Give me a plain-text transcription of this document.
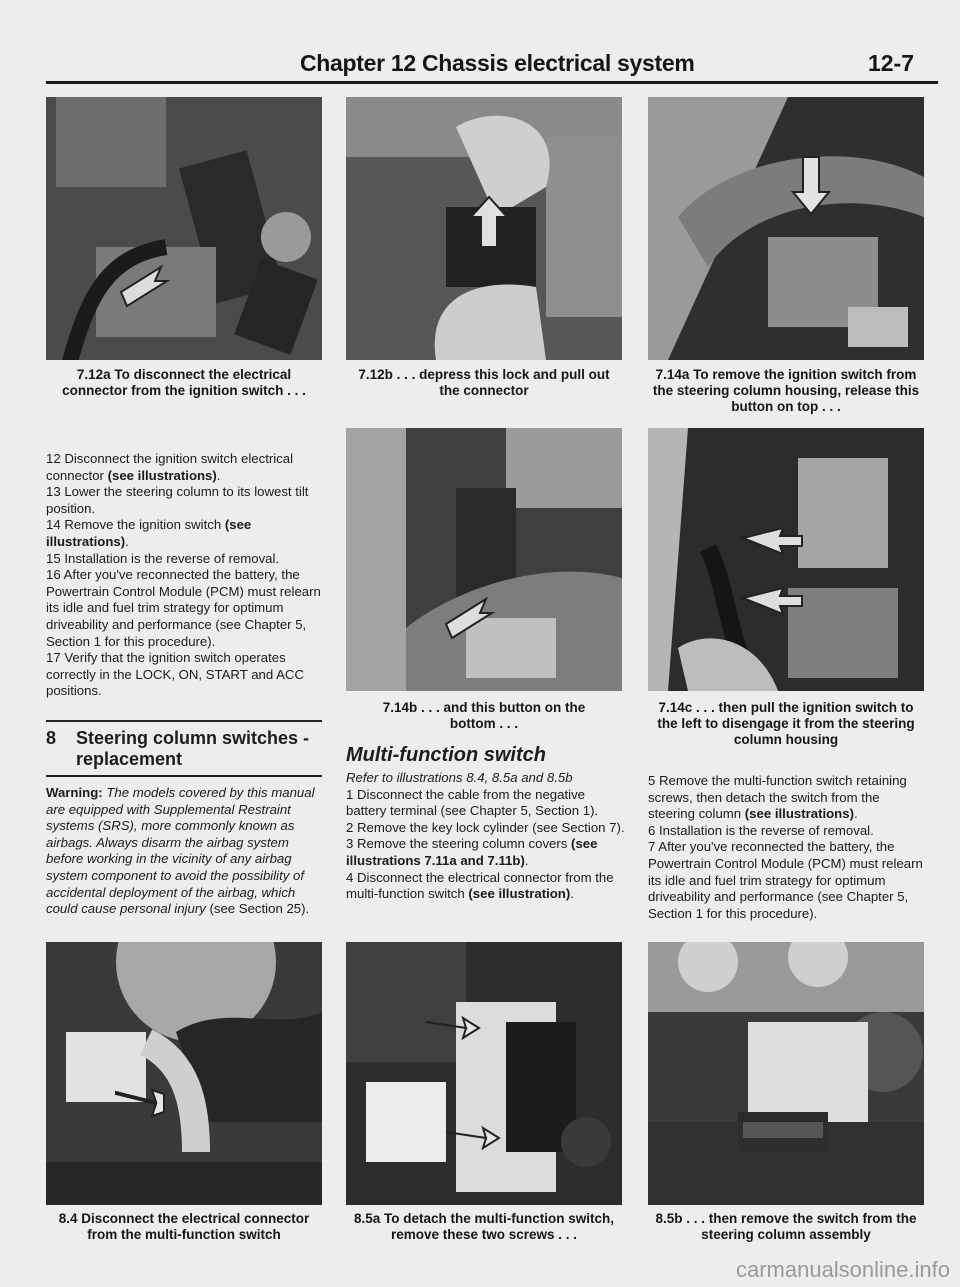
Chapter 12 Chassis electrical system	12-7
7.12a To disconnect the electrical connector from the ignition switch . . .
7.12b . . . depress this lock and pull out the connector
7.14a To remove the ignition switch from the steering column housing, release this button on top . . .

12 Disconnect the ignition switch electrical connector (see illustrations).

13 Lower the steering column to its lowest tilt position.

14 Remove the ignition switch (see illustrations).

15 Installation is the reverse of removal.

16 After you've reconnected the battery, the Powertrain Control Module (PCM) must relearn its idle and fuel trim strategy for optimum driveability and performance (see Chapter 5, Section 1 for this procedure).

17 Verify that the ignition switch operates correctly in the LOCK, ON, START and ACC positions.

8	Steering column switches - replacement

Warning: The models covered by this manual are equipped with Supplemental Restraint systems (SRS), more commonly known as airbags. Always disarm the airbag system before working in the vicinity of any airbag system component to avoid the possibility of accidental deployment of the airbag, which could cause personal injury (see Section 25).

7.14b . . . and this button on the bottom . . .
7.14c . . . then pull the ignition switch to the left to disengage it from the steering column housing
Multi-function switch

Refer to illustrations 8.4, 8.5a and 8.5b

1 Disconnect the cable from the negative battery terminal (see Chapter 5, Section 1).

2 Remove the key lock cylinder (see Section 7).

3 Remove the steering column covers (see illustrations 7.11a and 7.11b).

4 Disconnect the electrical connector from the multi-function switch (see illustration).

5 Remove the multi-function switch retaining screws, then detach the switch from the steering column (see illustrations).

6 Installation is the reverse of removal.

7 After you've reconnected the battery, the Powertrain Control Module (PCM) must relearn its idle and fuel trim strategy for optimum driveability and performance (see Chapter 5, Section 1 for this procedure).

8.4 Disconnect the electrical connector from the multi-function switch
8.5a To detach the multi-function switch, remove these two screws . . .
8.5b . . . then remove the switch from the steering column assembly
carmanualsonline.info
